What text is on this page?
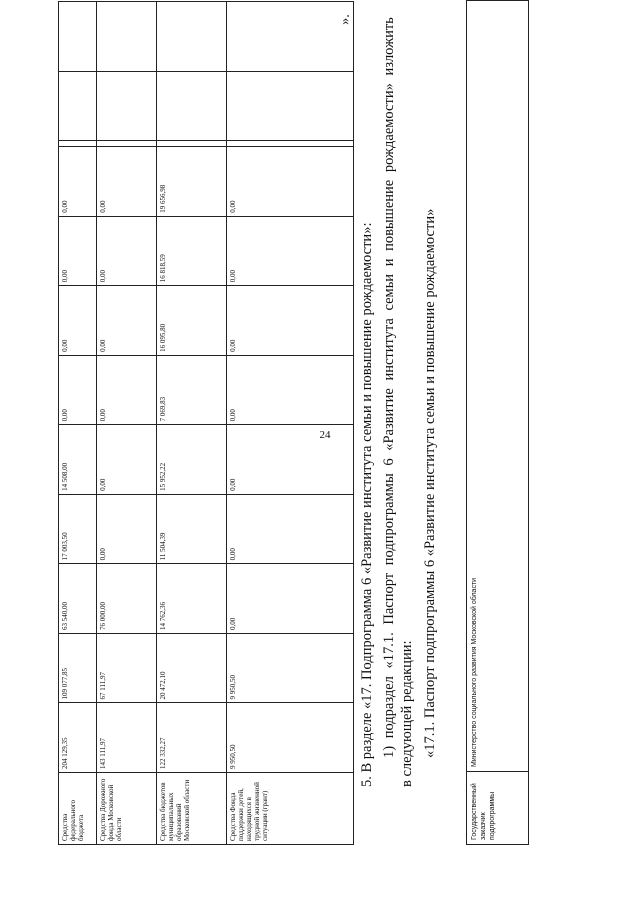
24
Средства федерального бюджета	204 129,35	109 077,85	63 540,00	17 003,50	14 508,00	0,00	0,00	0,00	0,00			
Средства Дорожного фонда Московской области	143 111,97	67 111,97	76 000,00	0,00	0,00	0,00	0,00	0,00	0,00			
Средства бюджетов муниципальных образований Московской области	122 332,27	20 472,10	14 762,36	11 504,39	15 952,22	7 069,83	16 095,80	16 818,59	19 656,98			
Средства Фонда поддержки детей, находящихся в трудной жизненной ситуации (грант)	9 950,50	9 950,50	0,00	0,00	0,00	0,00	0,00	0,00	0,00			
».
5. В разделе «17. Подпрограмма 6 «Развитие института семьи и повышение рождаемости»: 1) подраздел «17.1. Паспорт подпрограммы 6 «Развитие института семьи и повышение рождаемости» изложить в следующей редакции: «17.1. Паспорт подпрограммы 6 «Развитие института семьи и повышение рождаемости»
Государственный заказчик подпрограммы	Министерство социального развития Московской области
